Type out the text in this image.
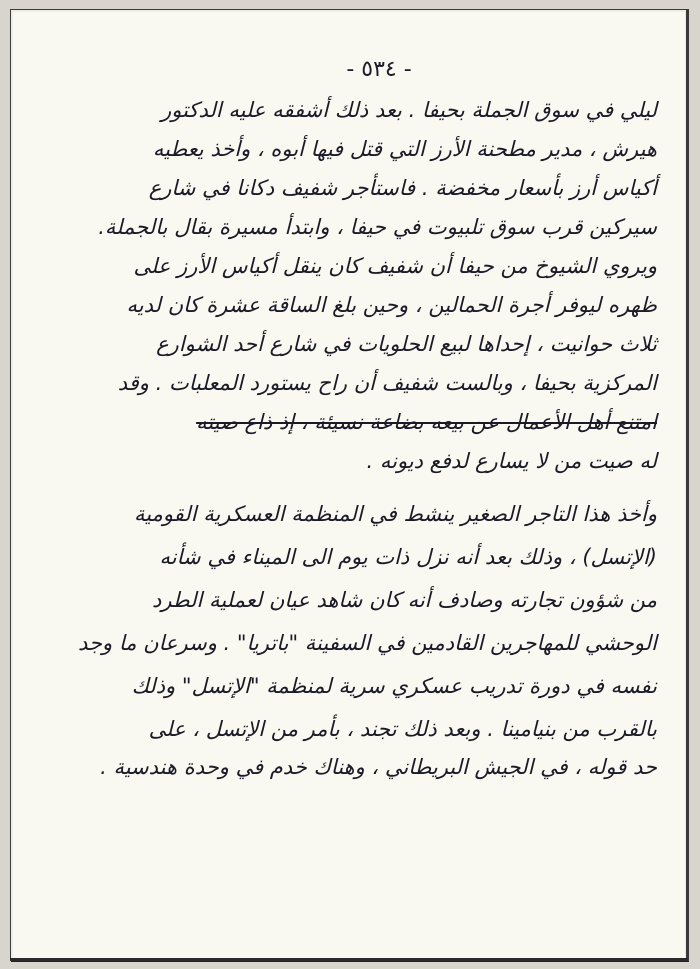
- ٥٣٤ -
ليلي في سوق الجملة بحيفا . بعد ذلك أشفقه عليه الدكتور
هيرش ، مدير مطحنة الأرز التي قتل فيها أبوه ، وأخذ يعطيه
أكياس أرز بأسعار مخفضة . فاستأجر شفيف دكانا في شارع
سيركين قرب سوق تلبيوت في حيفا ، وابتدأ مسيرة بقال بالجملة.
ويروي الشيوخ من حيفا أن شفيف كان ينقل أكياس الأرز على
ظهره ليوفر أجرة الحمالين ، وحين بلغ الساقة عشرة كان لديه
ثلاث حوانيت ، إحداها لبيع الحلويات في شارع أحد الشوارع
المركزية بحيفا ، وبالست شفيف أن راح يستورد المعلبات . وقد
امتنع أهل الأعمال عن بيعه بضاعة نسيئة ، إذ ذاع صيته
له صيت من لا يسارع لدفع ديونه .
وأخذ هذا التاجر الصغير ينشط في المنظمة العسكرية القومية
(الإتسل) ، وذلك بعد أنه نزل ذات يوم الى الميناء في شأنه
من شؤون تجارته وصادف أنه كان شاهد عيان لعملية الطرد
الوحشي للمهاجرين القادمين في السفينة "باتريا" . وسرعان ما وجد
نفسه في دورة تدريب عسكري سرية لمنظمة "الإتسل" وذلك
بالقرب من بنيامينا . وبعد ذلك تجند ، بأمر من الإتسل ، على
حد قوله ، في الجيش البريطاني ، وهناك خدم في وحدة هندسية .
